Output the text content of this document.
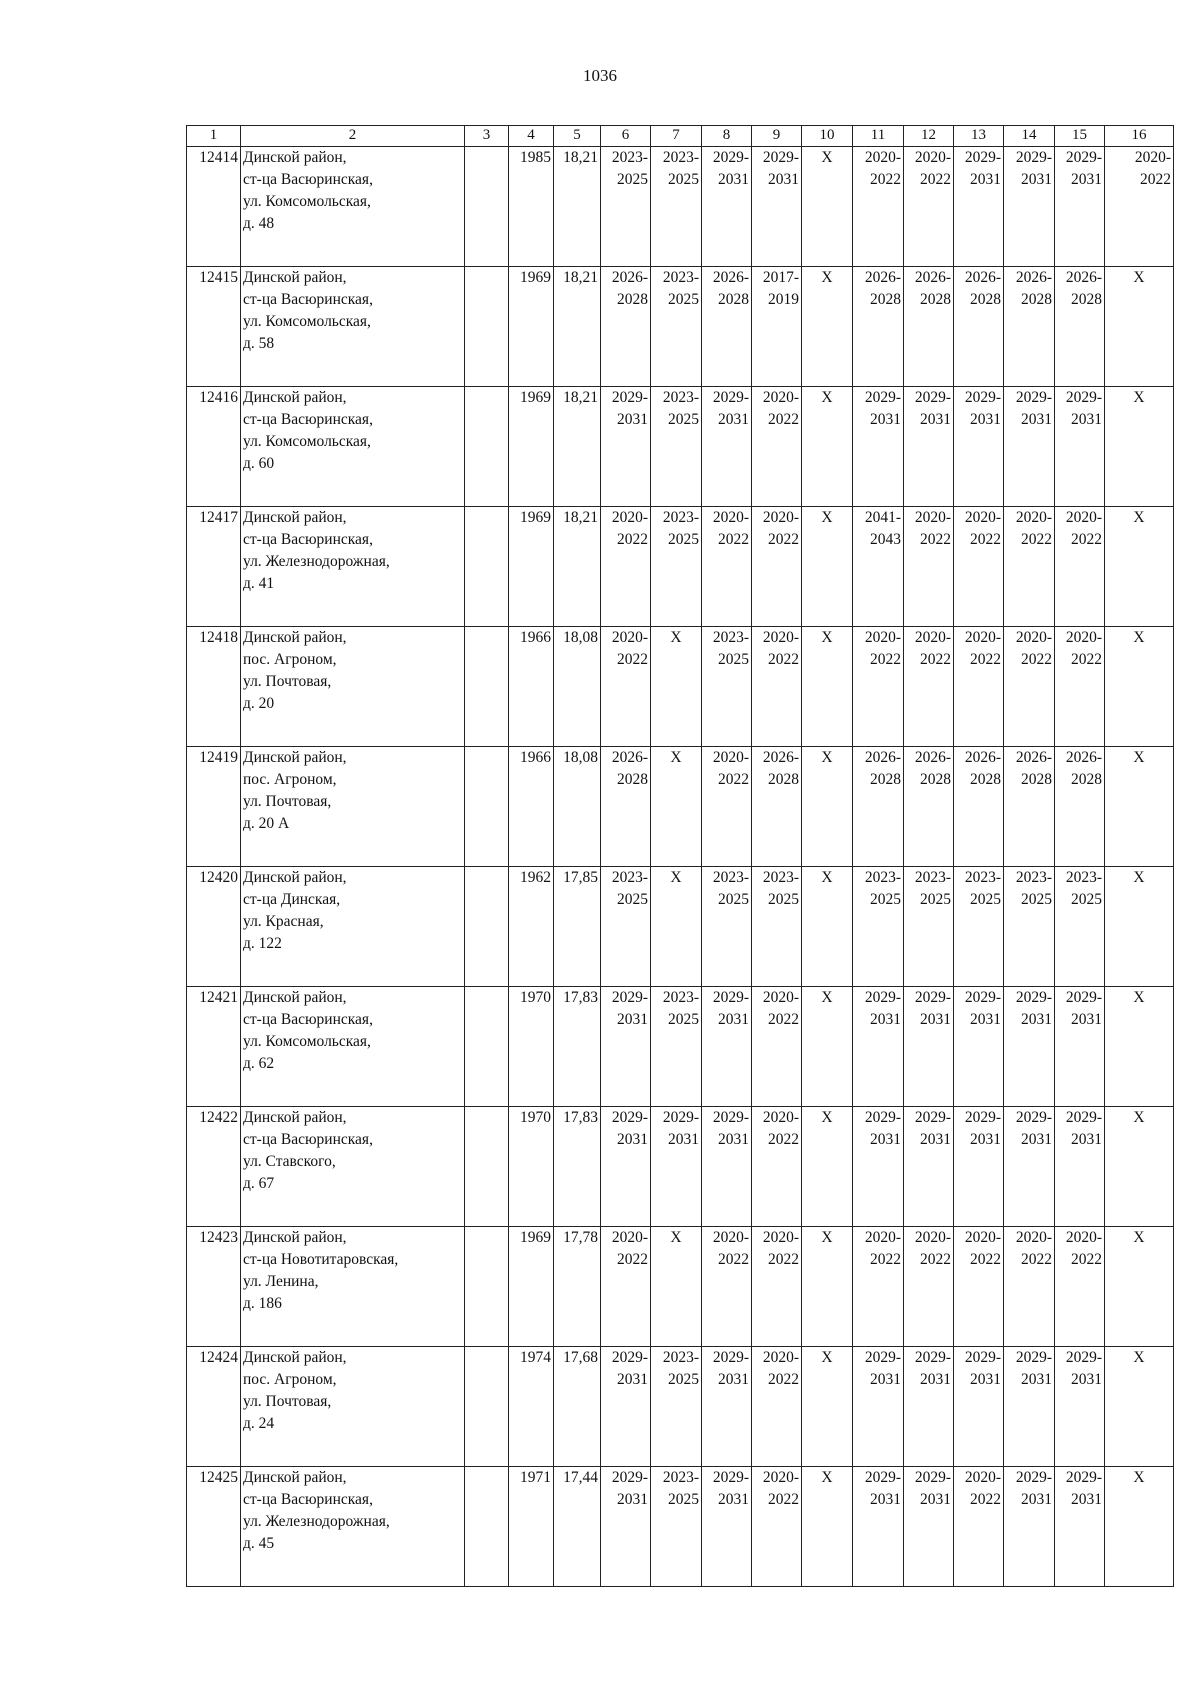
1036
1	2	3	4	5	6	7	8	9	10	11	12	13	14	15	16
12414	Динской район,
ст-ца Васюринская,
ул. Комсомольская,
д. 48		1985	18,21	2023-
2025	2023-
2025	2029-
2031	2029-
2031	X	2020-
2022	2020-
2022	2029-
2031	2029-
2031	2029-
2031	2020-
2022
12415	Динской район,
ст-ца Васюринская,
ул. Комсомольская,
д. 58		1969	18,21	2026-
2028	2023-
2025	2026-
2028	2017-
2019	X	2026-
2028	2026-
2028	2026-
2028	2026-
2028	2026-
2028	X
12416	Динской район,
ст-ца Васюринская,
ул. Комсомольская,
д. 60		1969	18,21	2029-
2031	2023-
2025	2029-
2031	2020-
2022	X	2029-
2031	2029-
2031	2029-
2031	2029-
2031	2029-
2031	X
12417	Динской район,
ст-ца Васюринская,
ул. Железнодорожная,
д. 41		1969	18,21	2020-
2022	2023-
2025	2020-
2022	2020-
2022	X	2041-
2043	2020-
2022	2020-
2022	2020-
2022	2020-
2022	X
12418	Динской район,
пос. Агроном,
ул. Почтовая,
д. 20		1966	18,08	2020-
2022	X	2023-
2025	2020-
2022	X	2020-
2022	2020-
2022	2020-
2022	2020-
2022	2020-
2022	X
12419	Динской район,
пос. Агроном,
ул. Почтовая,
д. 20 А		1966	18,08	2026-
2028	X	2020-
2022	2026-
2028	X	2026-
2028	2026-
2028	2026-
2028	2026-
2028	2026-
2028	X
12420	Динской район,
ст-ца Динская,
ул. Красная,
д. 122		1962	17,85	2023-
2025	X	2023-
2025	2023-
2025	X	2023-
2025	2023-
2025	2023-
2025	2023-
2025	2023-
2025	X
12421	Динской район,
ст-ца Васюринская,
ул. Комсомольская,
д. 62		1970	17,83	2029-
2031	2023-
2025	2029-
2031	2020-
2022	X	2029-
2031	2029-
2031	2029-
2031	2029-
2031	2029-
2031	X
12422	Динской район,
ст-ца Васюринская,
ул. Ставского,
д. 67		1970	17,83	2029-
2031	2029-
2031	2029-
2031	2020-
2022	X	2029-
2031	2029-
2031	2029-
2031	2029-
2031	2029-
2031	X
12423	Динской район,
ст-ца Новотитаровская,
ул. Ленина,
д. 186		1969	17,78	2020-
2022	X	2020-
2022	2020-
2022	X	2020-
2022	2020-
2022	2020-
2022	2020-
2022	2020-
2022	X
12424	Динской район,
пос. Агроном,
ул. Почтовая,
д. 24		1974	17,68	2029-
2031	2023-
2025	2029-
2031	2020-
2022	X	2029-
2031	2029-
2031	2029-
2031	2029-
2031	2029-
2031	X
12425	Динской район,
ст-ца Васюринская,
ул. Железнодорожная,
д. 45		1971	17,44	2029-
2031	2023-
2025	2029-
2031	2020-
2022	X	2029-
2031	2029-
2031	2020-
2022	2029-
2031	2029-
2031	X
